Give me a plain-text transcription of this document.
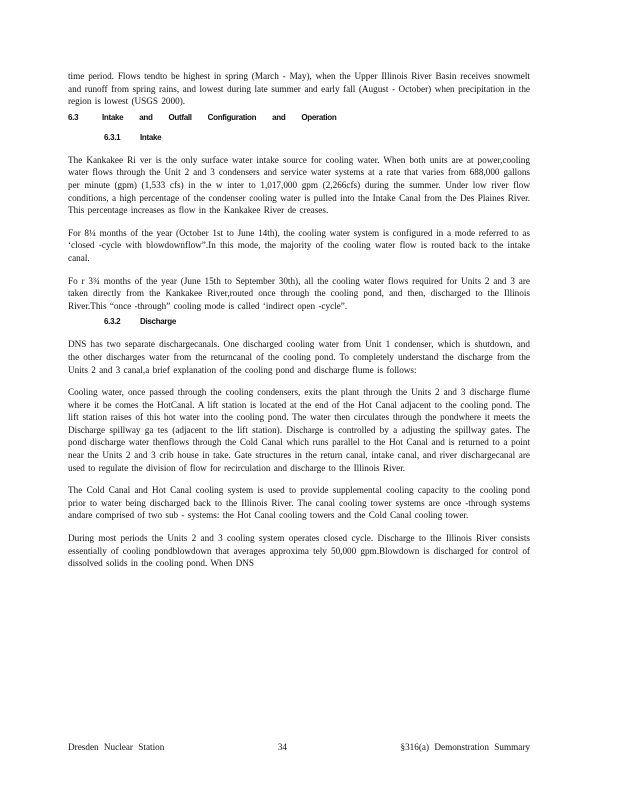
time period. Flows tendto be highest in spring (March - May), when the Upper Illinois River Basin receives snowmelt and runoff from spring rains, and lowest during late summer and early fall (August - October) when precipitation in the region is lowest (USGS 2000).

6.3	Intake and Outfall Configuration and Operation
6.3.1	Intake

The Kankakee Ri ver is the only surface water intake source for cooling water. When both units are at power,cooling water flows through the Unit 2 and 3 condensers and service water systems at a rate that varies from 688,000 gallons per minute (gpm) (1,533 cfs) in the w inter to 1,017,000 gpm (2,266cfs) during the summer. Under low river flow conditions, a high percentage of the condenser cooling water is pulled into the Intake Canal from the Des Plaines River. This percentage increases as flow in the Kankakee River de creases.

For 8¼ months of the year (October 1st to June 14th), the cooling water system is configured in a mode referred to as ‘closed -cycle with blowdownflow”.In this mode, the majority of the cooling water flow is routed back to the intake canal.

Fo r 3¾ months of the year (June 15th to September 30th), all the cooling water flows required for Units 2 and 3 are taken directly from the Kankakee River,routed once through the cooling pond, and then, discharged to the Illinois River.This “once -through” cooling mode is called ‘indirect open -cycle”.

6.3.2	Discharge

DNS has two separate dischargecanals. One discharged cooling water from Unit 1 condenser, which is shutdown, and the other discharges water from the returncanal of the cooling pond. To completely understand the discharge from the Units 2 and 3 canal,a brief explanation of the cooling pond and discharge flume is follows:

Cooling water, once passed through the cooling condensers, exits the plant through the Units 2 and 3 discharge flume where it be comes the HotCanal. A lift station is located at the end of the Hot Canal adjacent to the cooling pond. The lift station raises of this hot water into the cooling pond. The water then circulates through the pondwhere it meets the Discharge spillway ga tes (adjacent to the lift station). Discharge is controlled by a adjusting the spillway gates. The pond discharge water thenflows through the Cold Canal which runs parallel to the Hot Canal and is returned to a point near the Units 2 and 3 crib house in take. Gate structures in the return canal, intake canal, and river dischargecanal are used to regulate the division of flow for recirculation and discharge to the Illinois River.

The Cold Canal and Hot Canal cooling system is used to provide supplemental cooling capacity to the cooling pond prior to water being discharged back to the Illinois River. The canal cooling tower systems are once -through systems andare comprised of two sub - systems: the Hot Canal cooling towers and the Cold Canal cooling tower.

During most periods the Units 2 and 3 cooling system operates closed cycle. Discharge to the Illinois River consists essentially of cooling pondblowdown that averages approxima tely 50,000 gpm.Blowdown is discharged for control of dissolved solids in the cooling pond. When DNS

Dresden Nuclear Station	34	§316(a) Demonstration Summary
